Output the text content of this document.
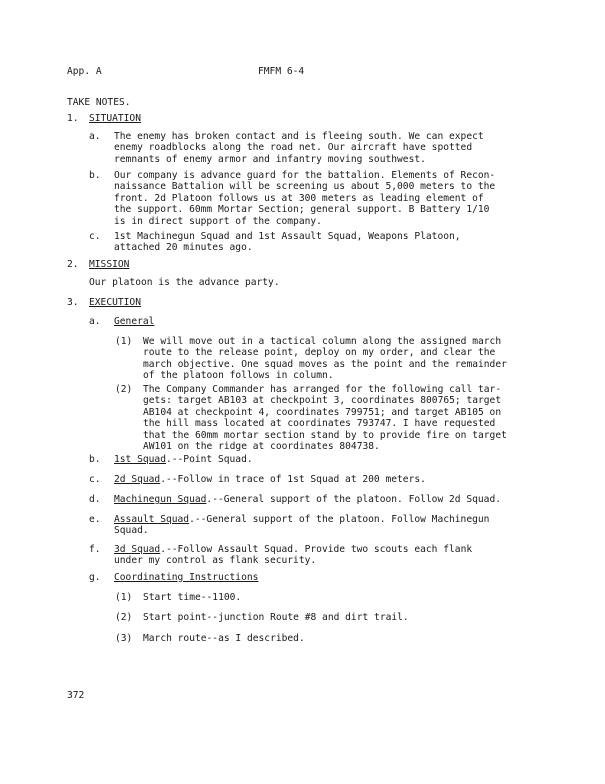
App. A	FMFM 6-4
TAKE NOTES.
1. SITUATION
a. The enemy has broken contact and is fleeing south. We can expect
enemy roadblocks along the road net. Our aircraft have spotted
remnants of enemy armor and infantry moving southwest.
b. Our company is advance guard for the battalion. Elements of Recon-
naissance Battalion will be screening us about 5,000 meters to the
front. 2d Platoon follows us at 300 meters as leading element of
the support. 60mm Mortar Section; general support. B Battery 1/10
is in direct support of the company.
c. 1st Machinegun Squad and 1st Assault Squad, Weapons Platoon,
attached 20 minutes ago.
2. MISSION
Our platoon is the advance party.
3. EXECUTION
a. General
(1) We will move out in a tactical column along the assigned march
route to the release point, deploy on my order, and clear the
march objective. One squad moves as the point and the remainder
of the platoon follows in column.
(2) The Company Commander has arranged for the following call tar-
gets: target AB103 at checkpoint 3, coordinates 800765; target
AB104 at checkpoint 4, coordinates 799751; and target AB105 on
the hill mass located at coordinates 793747. I have requested
that the 60mm mortar section stand by to provide fire on target
AW101 on the ridge at coordinates 804738.
b. 1st Squad.--Point Squad.
c. 2d Squad.--Follow in trace of 1st Squad at 200 meters.
d. Machinegun Squad.--General support of the platoon. Follow 2d Squad.
e. Assault Squad.--General support of the platoon. Follow Machinegun
Squad.
f. 3d Squad.--Follow Assault Squad. Provide two scouts each flank
under my control as flank security.
g. Coordinating Instructions
(1) Start time--1100.
(2) Start point--junction Route #8 and dirt trail.
(3) March route--as I described.
372
